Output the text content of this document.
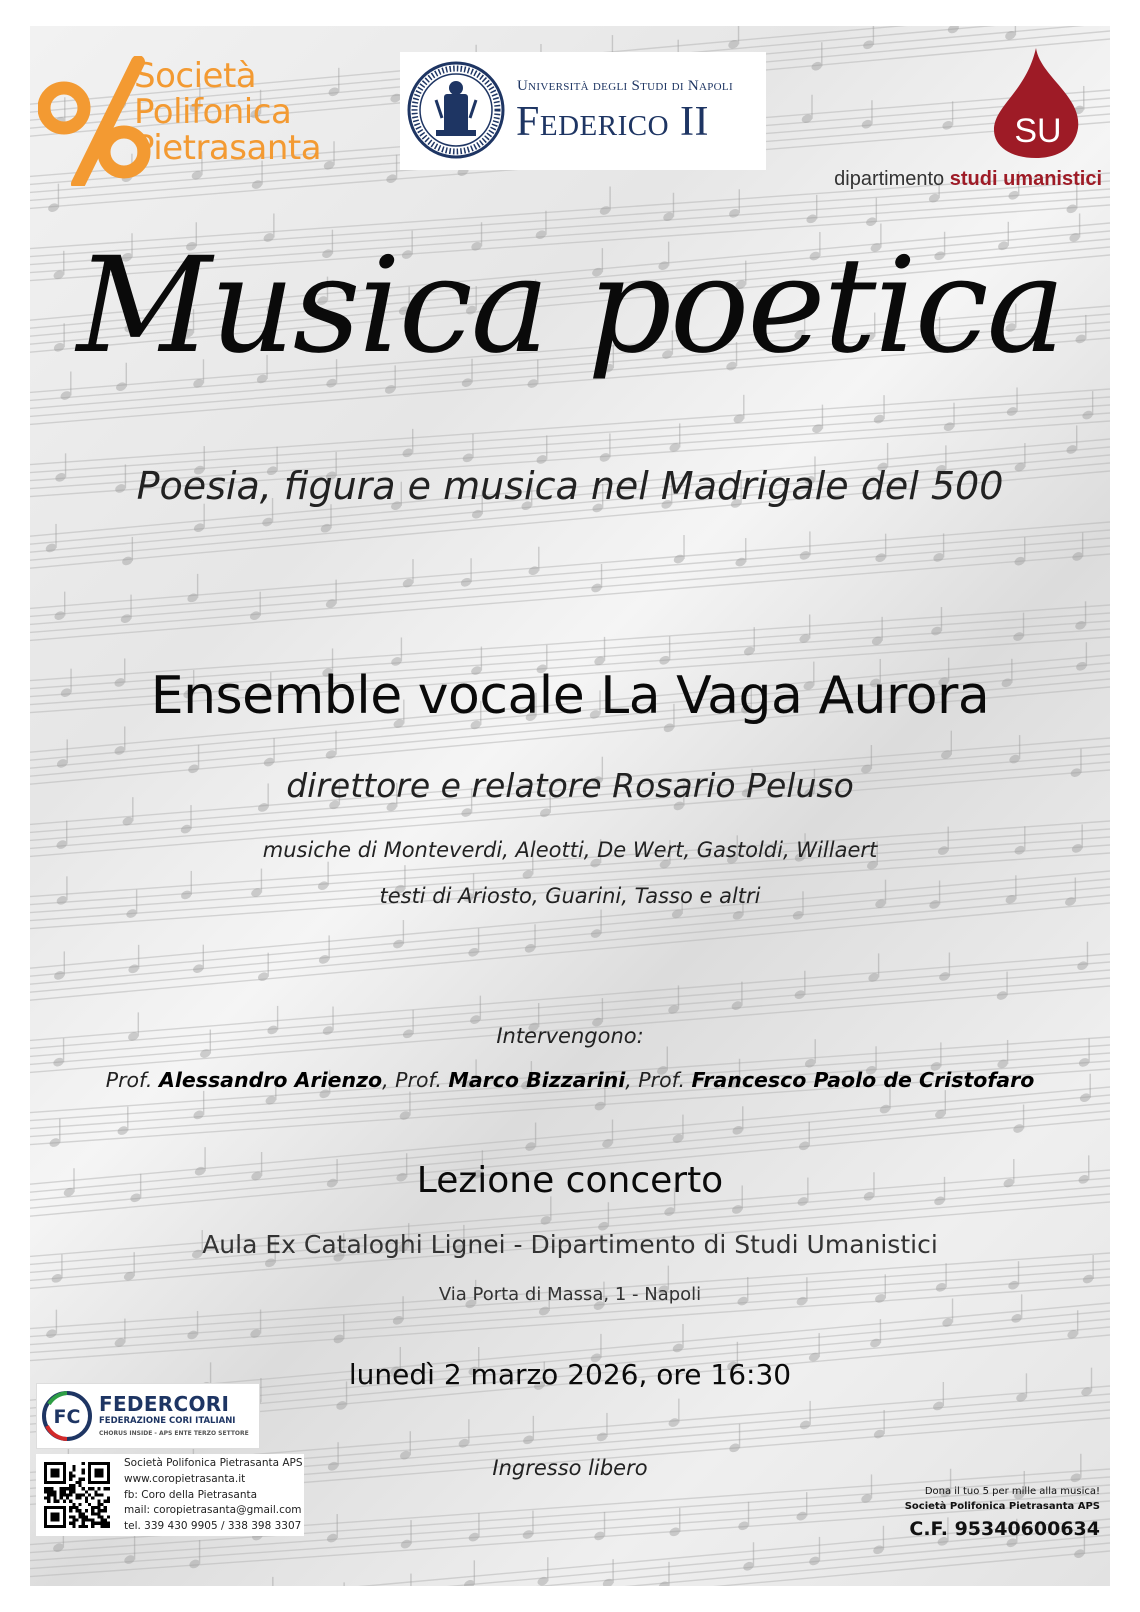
Società
Polifonica
Pietrasanta
Università degli Studi di Napoli
Federico II	SU
dipartimento studi umanistici
Musica poetica
Poesia, figura e musica nel Madrigale del 500
Ensemble vocale La Vaga Aurora
direttore e relatore Rosario Peluso
musiche di Monteverdi, Aleotti, De Wert, Gastoldi, Willaert
testi di Ariosto, Guarini, Tasso e altri
Intervengono:
Prof. Alessandro Arienzo, Prof. Marco Bizzarini, Prof. Francesco Paolo de Cristofaro
Lezione concerto
Aula Ex Cataloghi Lignei - Dipartimento di Studi Umanistici
Via Porta di Massa, 1 - Napoli
lunedì 2 marzo 2026, ore 16:30
Ingresso libero
FC
FEDERCORI
FEDERAZIONE CORI ITALIANI
CHORUS INSIDE - APS ENTE TERZO SETTORE
Società Polifonica Pietrasanta APS
www.coropietrasanta.it
fb: Coro della Pietrasanta
mail: coropietrasanta@gmail.com
tel. 339 430 9905 / 338 398 3307
Dona il tuo 5 per mille alla musica!
Società Polifonica Pietrasanta APS
C.F. 95340600634
